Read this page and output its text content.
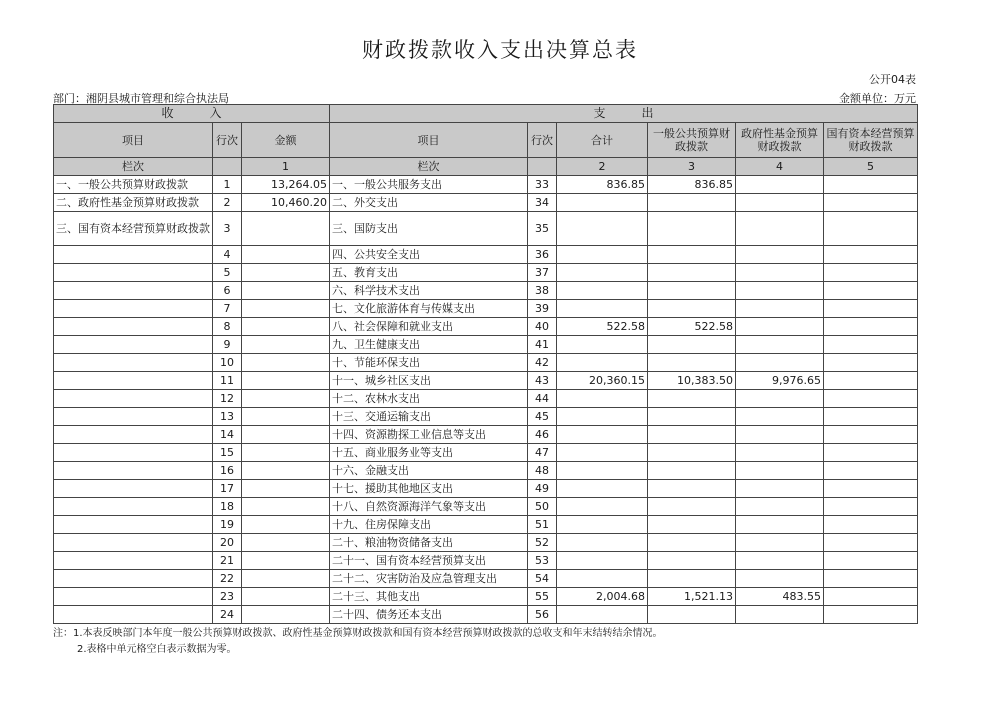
财政拨款收入支出决算总表
公开04表
部门：湘阴县城市管理和综合执法局	金额单位：万元
收　　　入			支　　　出					
项目	行次	金额	项目	行次	合计	一般公共预算财政拨款	政府性基金预算财政拨款	国有资本经营预算财政拨款
栏次		1	栏次		2	3	4	5
一、一般公共预算财政拨款	1	13,264.05	一、一般公共服务支出	33	836.85	836.85		
二、政府性基金预算财政拨款	2	10,460.20	二、外交支出	34				
三、国有资本经营预算财政拨款	3		三、国防支出	35				
	4		四、公共安全支出	36				
	5		五、教育支出	37				
	6		六、科学技术支出	38				
	7		七、文化旅游体育与传媒支出	39				
	8		八、社会保障和就业支出	40	522.58	522.58		
	9		九、卫生健康支出	41				
	10		十、节能环保支出	42				
	11		十一、城乡社区支出	43	20,360.15	10,383.50	9,976.65	
	12		十二、农林水支出	44				
	13		十三、交通运输支出	45				
	14		十四、资源勘探工业信息等支出	46				
	15		十五、商业服务业等支出	47				
	16		十六、金融支出	48				
	17		十七、援助其他地区支出	49				
	18		十八、自然资源海洋气象等支出	50				
	19		十九、住房保障支出	51				
	20		二十、粮油物资储备支出	52				
	21		二十一、国有资本经营预算支出	53				
	22		二十二、灾害防治及应急管理支出	54				
	23		二十三、其他支出	55	2,004.68	1,521.13	483.55	
	24		二十四、债务还本支出	56				
注：1.本表反映部门本年度一般公共预算财政拨款、政府性基金预算财政拨款和国有资本经营预算财政拨款的总收支和年末结转结余情况。
2.表格中单元格空白表示数据为零。
